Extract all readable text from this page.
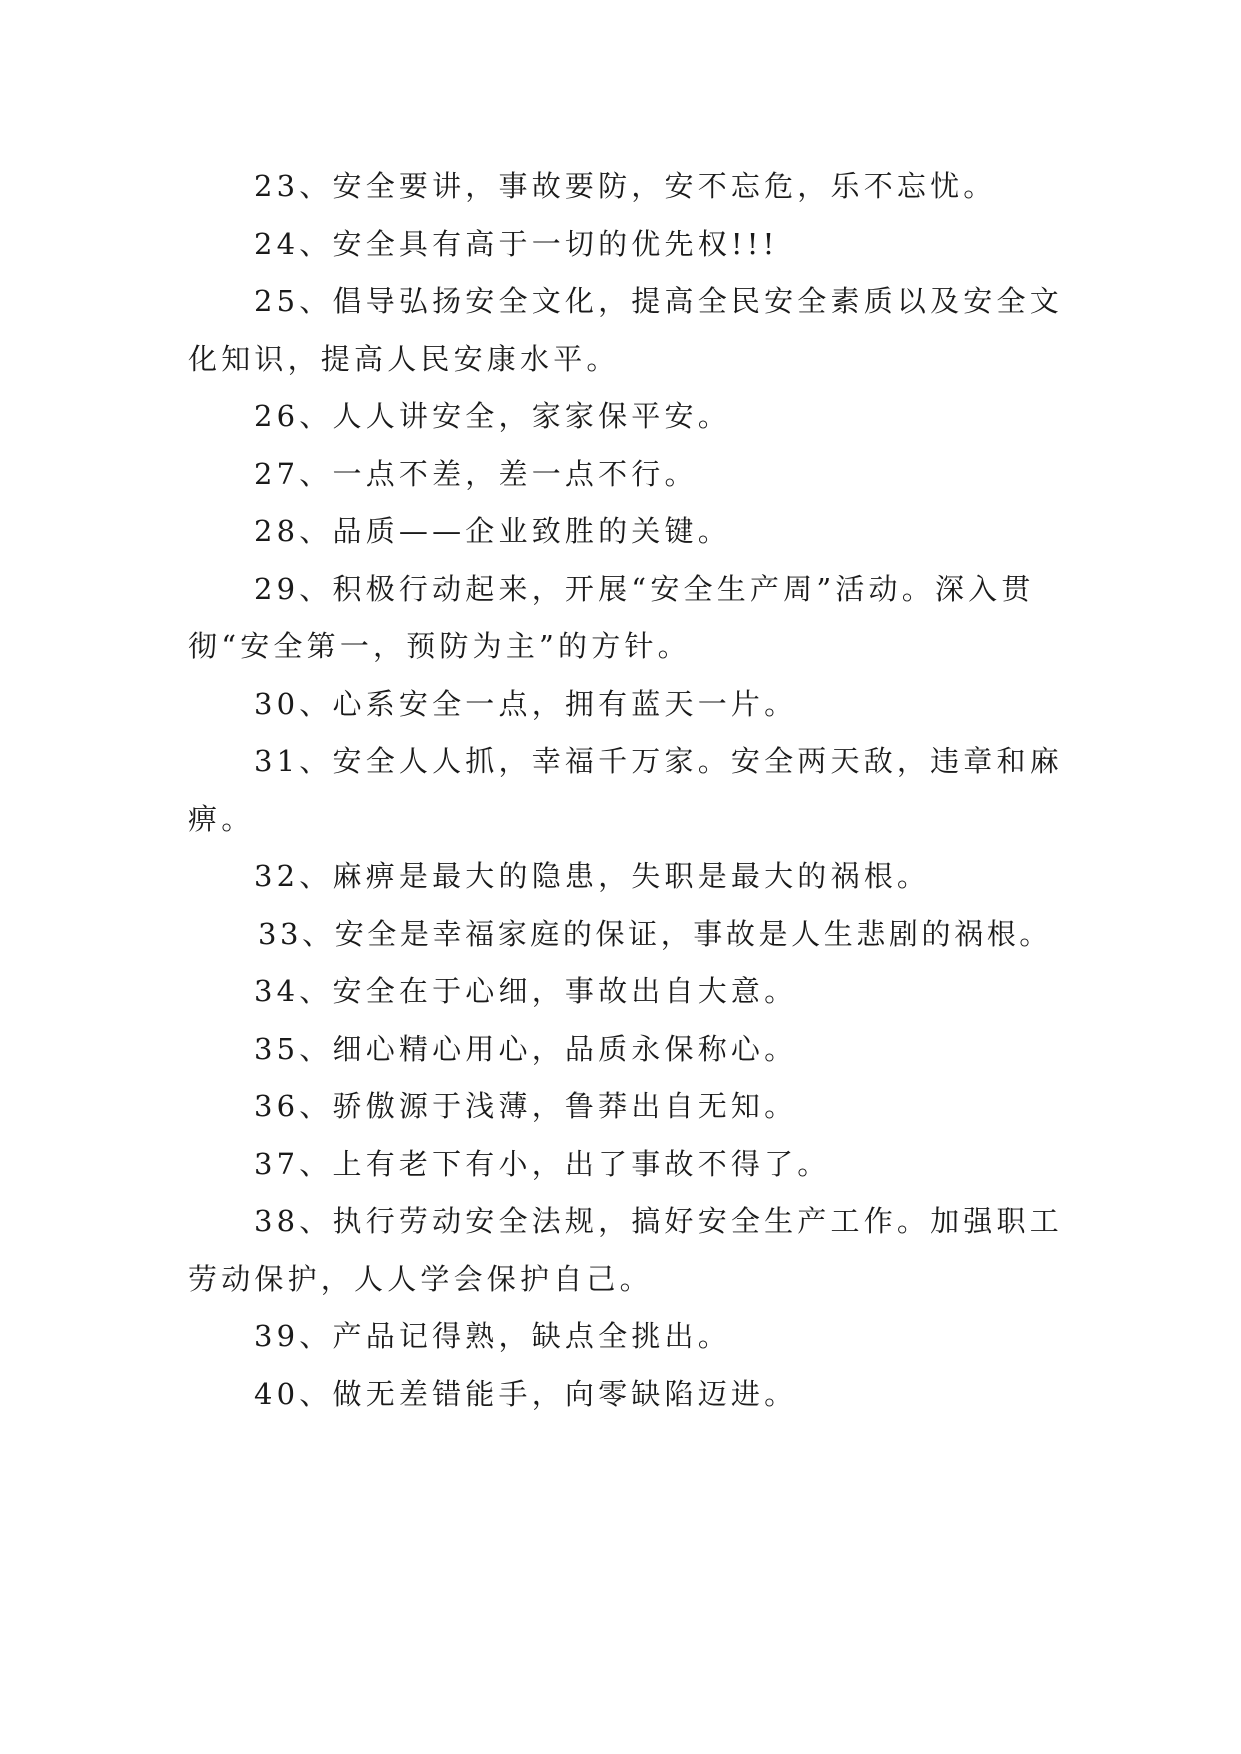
23、安全要讲，事故要防，安不忘危，乐不忘忧。

24、安全具有高于一切的优先权!!!

25、倡导弘扬安全文化，提高全民安全素质以及安全文化知识，提高人民安康水平。

26、人人讲安全，家家保平安。

27、一点不差，差一点不行。

28、品质——企业致胜的关键。

29、积极行动起来，开展“安全生产周”活动。深入贯彻“安全第一，预防为主”的方针。

30、心系安全一点，拥有蓝天一片。

31、安全人人抓，幸福千万家。安全两天敌，违章和麻痹。

32、麻痹是最大的隐患，失职是最大的祸根。

33、安全是幸福家庭的保证，事故是人生悲剧的祸根。

34、安全在于心细，事故出自大意。

35、细心精心用心，品质永保称心。

36、骄傲源于浅薄，鲁莽出自无知。

37、上有老下有小，出了事故不得了。

38、执行劳动安全法规，搞好安全生产工作。加强职工劳动保护，人人学会保护自己。

39、产品记得熟，缺点全挑出。

40、做无差错能手，向零缺陷迈进。
